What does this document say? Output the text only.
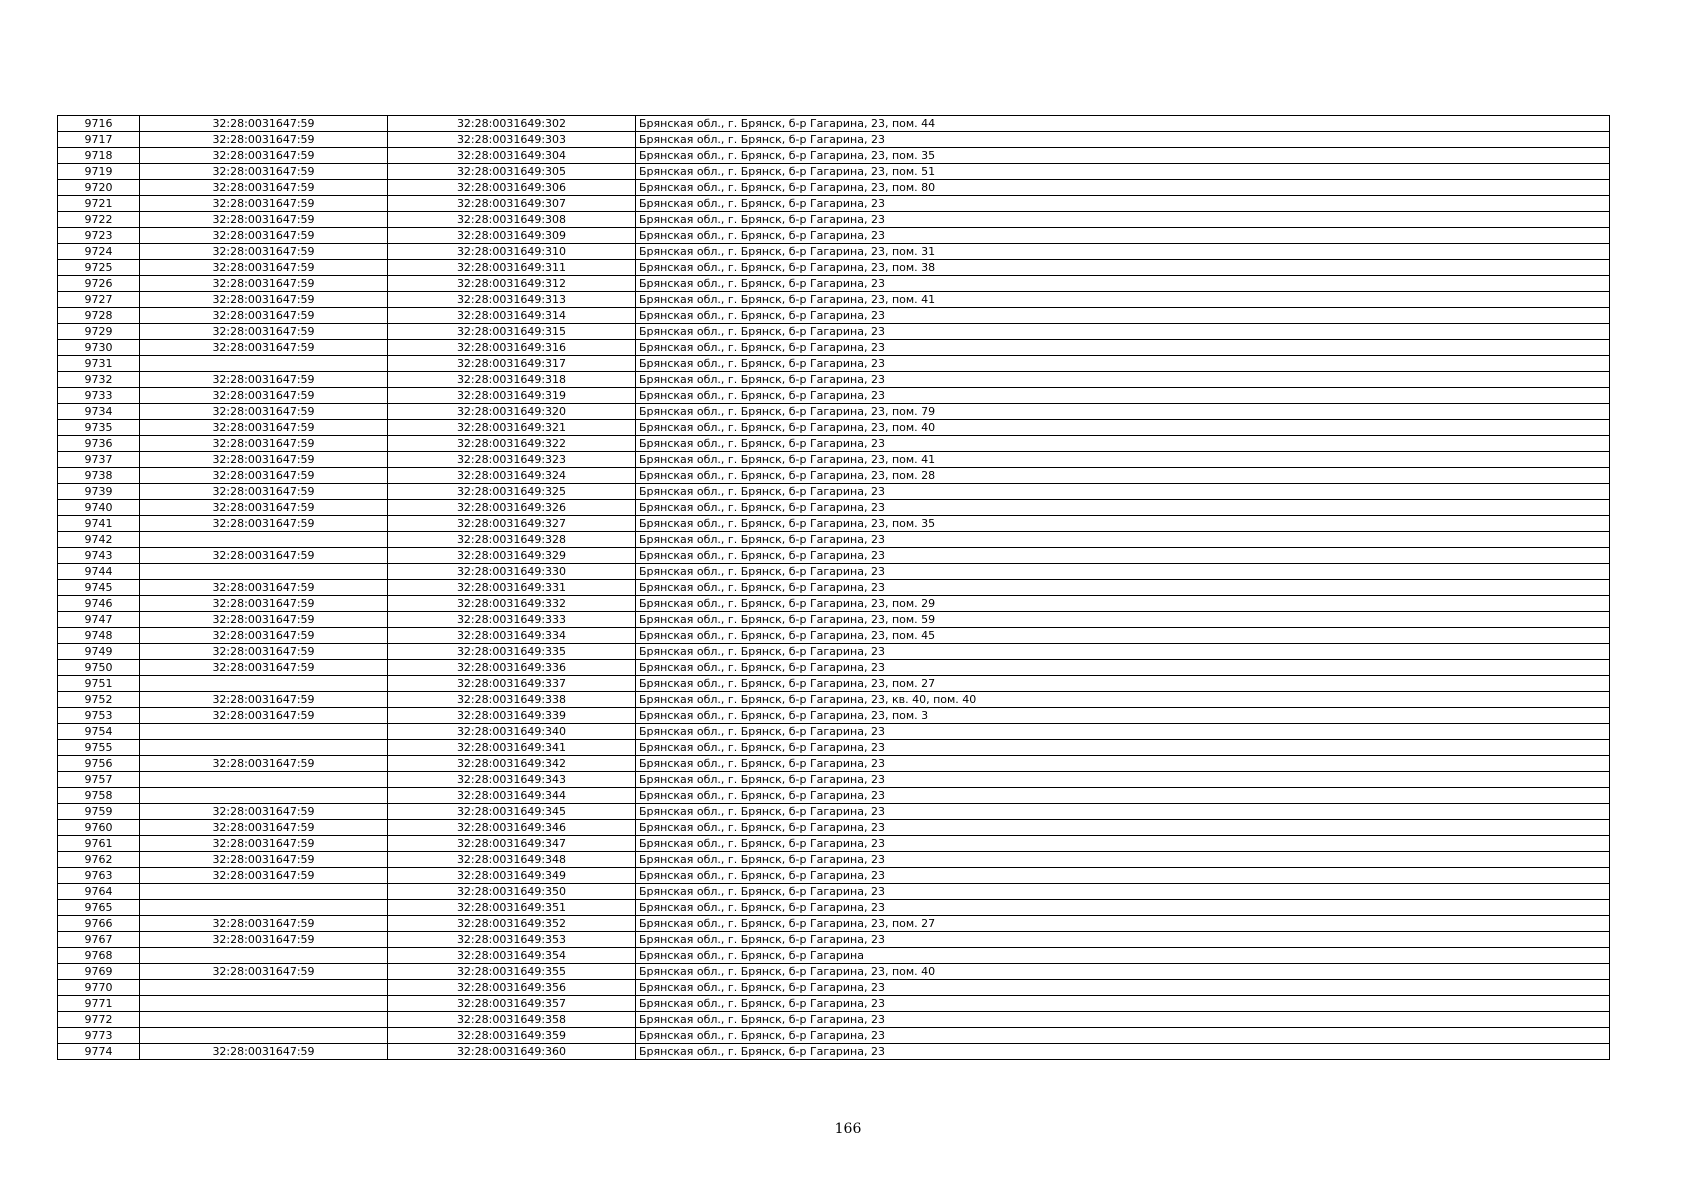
9716	32:28:0031647:59	32:28:0031649:302	Брянская обл., г. Брянск, б-р Гагарина, 23, пом. 44
9717	32:28:0031647:59	32:28:0031649:303	Брянская обл., г. Брянск, б-р Гагарина, 23
9718	32:28:0031647:59	32:28:0031649:304	Брянская обл., г. Брянск, б-р Гагарина, 23, пом. 35
9719	32:28:0031647:59	32:28:0031649:305	Брянская обл., г. Брянск, б-р Гагарина, 23, пом. 51
9720	32:28:0031647:59	32:28:0031649:306	Брянская обл., г. Брянск, б-р Гагарина, 23, пом. 80
9721	32:28:0031647:59	32:28:0031649:307	Брянская обл., г. Брянск, б-р Гагарина, 23
9722	32:28:0031647:59	32:28:0031649:308	Брянская обл., г. Брянск, б-р Гагарина, 23
9723	32:28:0031647:59	32:28:0031649:309	Брянская обл., г. Брянск, б-р Гагарина, 23
9724	32:28:0031647:59	32:28:0031649:310	Брянская обл., г. Брянск, б-р Гагарина, 23, пом. 31
9725	32:28:0031647:59	32:28:0031649:311	Брянская обл., г. Брянск, б-р Гагарина, 23, пом. 38
9726	32:28:0031647:59	32:28:0031649:312	Брянская обл., г. Брянск, б-р Гагарина, 23
9727	32:28:0031647:59	32:28:0031649:313	Брянская обл., г. Брянск, б-р Гагарина, 23, пом. 41
9728	32:28:0031647:59	32:28:0031649:314	Брянская обл., г. Брянск, б-р Гагарина, 23
9729	32:28:0031647:59	32:28:0031649:315	Брянская обл., г. Брянск, б-р Гагарина, 23
9730	32:28:0031647:59	32:28:0031649:316	Брянская обл., г. Брянск, б-р Гагарина, 23
9731		32:28:0031649:317	Брянская обл., г. Брянск, б-р Гагарина, 23
9732	32:28:0031647:59	32:28:0031649:318	Брянская обл., г. Брянск, б-р Гагарина, 23
9733	32:28:0031647:59	32:28:0031649:319	Брянская обл., г. Брянск, б-р Гагарина, 23
9734	32:28:0031647:59	32:28:0031649:320	Брянская обл., г. Брянск, б-р Гагарина, 23, пом. 79
9735	32:28:0031647:59	32:28:0031649:321	Брянская обл., г. Брянск, б-р Гагарина, 23, пом. 40
9736	32:28:0031647:59	32:28:0031649:322	Брянская обл., г. Брянск, б-р Гагарина, 23
9737	32:28:0031647:59	32:28:0031649:323	Брянская обл., г. Брянск, б-р Гагарина, 23, пом. 41
9738	32:28:0031647:59	32:28:0031649:324	Брянская обл., г. Брянск, б-р Гагарина, 23, пом. 28
9739	32:28:0031647:59	32:28:0031649:325	Брянская обл., г. Брянск, б-р Гагарина, 23
9740	32:28:0031647:59	32:28:0031649:326	Брянская обл., г. Брянск, б-р Гагарина, 23
9741	32:28:0031647:59	32:28:0031649:327	Брянская обл., г. Брянск, б-р Гагарина, 23, пом. 35
9742		32:28:0031649:328	Брянская обл., г. Брянск, б-р Гагарина, 23
9743	32:28:0031647:59	32:28:0031649:329	Брянская обл., г. Брянск, б-р Гагарина, 23
9744		32:28:0031649:330	Брянская обл., г. Брянск, б-р Гагарина, 23
9745	32:28:0031647:59	32:28:0031649:331	Брянская обл., г. Брянск, б-р Гагарина, 23
9746	32:28:0031647:59	32:28:0031649:332	Брянская обл., г. Брянск, б-р Гагарина, 23, пом. 29
9747	32:28:0031647:59	32:28:0031649:333	Брянская обл., г. Брянск, б-р Гагарина, 23, пом. 59
9748	32:28:0031647:59	32:28:0031649:334	Брянская обл., г. Брянск, б-р Гагарина, 23, пом. 45
9749	32:28:0031647:59	32:28:0031649:335	Брянская обл., г. Брянск, б-р Гагарина, 23
9750	32:28:0031647:59	32:28:0031649:336	Брянская обл., г. Брянск, б-р Гагарина, 23
9751		32:28:0031649:337	Брянская обл., г. Брянск, б-р Гагарина, 23, пом. 27
9752	32:28:0031647:59	32:28:0031649:338	Брянская обл., г. Брянск, б-р Гагарина, 23, кв. 40, пом. 40
9753	32:28:0031647:59	32:28:0031649:339	Брянская обл., г. Брянск, б-р Гагарина, 23, пом. 3
9754		32:28:0031649:340	Брянская обл., г. Брянск, б-р Гагарина, 23
9755		32:28:0031649:341	Брянская обл., г. Брянск, б-р Гагарина, 23
9756	32:28:0031647:59	32:28:0031649:342	Брянская обл., г. Брянск, б-р Гагарина, 23
9757		32:28:0031649:343	Брянская обл., г. Брянск, б-р Гагарина, 23
9758		32:28:0031649:344	Брянская обл., г. Брянск, б-р Гагарина, 23
9759	32:28:0031647:59	32:28:0031649:345	Брянская обл., г. Брянск, б-р Гагарина, 23
9760	32:28:0031647:59	32:28:0031649:346	Брянская обл., г. Брянск, б-р Гагарина, 23
9761	32:28:0031647:59	32:28:0031649:347	Брянская обл., г. Брянск, б-р Гагарина, 23
9762	32:28:0031647:59	32:28:0031649:348	Брянская обл., г. Брянск, б-р Гагарина, 23
9763	32:28:0031647:59	32:28:0031649:349	Брянская обл., г. Брянск, б-р Гагарина, 23
9764		32:28:0031649:350	Брянская обл., г. Брянск, б-р Гагарина, 23
9765		32:28:0031649:351	Брянская обл., г. Брянск, б-р Гагарина, 23
9766	32:28:0031647:59	32:28:0031649:352	Брянская обл., г. Брянск, б-р Гагарина, 23, пом. 27
9767	32:28:0031647:59	32:28:0031649:353	Брянская обл., г. Брянск, б-р Гагарина, 23
9768		32:28:0031649:354	Брянская обл., г. Брянск, б-р Гагарина
9769	32:28:0031647:59	32:28:0031649:355	Брянская обл., г. Брянск, б-р Гагарина, 23, пом. 40
9770		32:28:0031649:356	Брянская обл., г. Брянск, б-р Гагарина, 23
9771		32:28:0031649:357	Брянская обл., г. Брянск, б-р Гагарина, 23
9772		32:28:0031649:358	Брянская обл., г. Брянск, б-р Гагарина, 23
9773		32:28:0031649:359	Брянская обл., г. Брянск, б-р Гагарина, 23
9774	32:28:0031647:59	32:28:0031649:360	Брянская обл., г. Брянск, б-р Гагарина, 23
166
